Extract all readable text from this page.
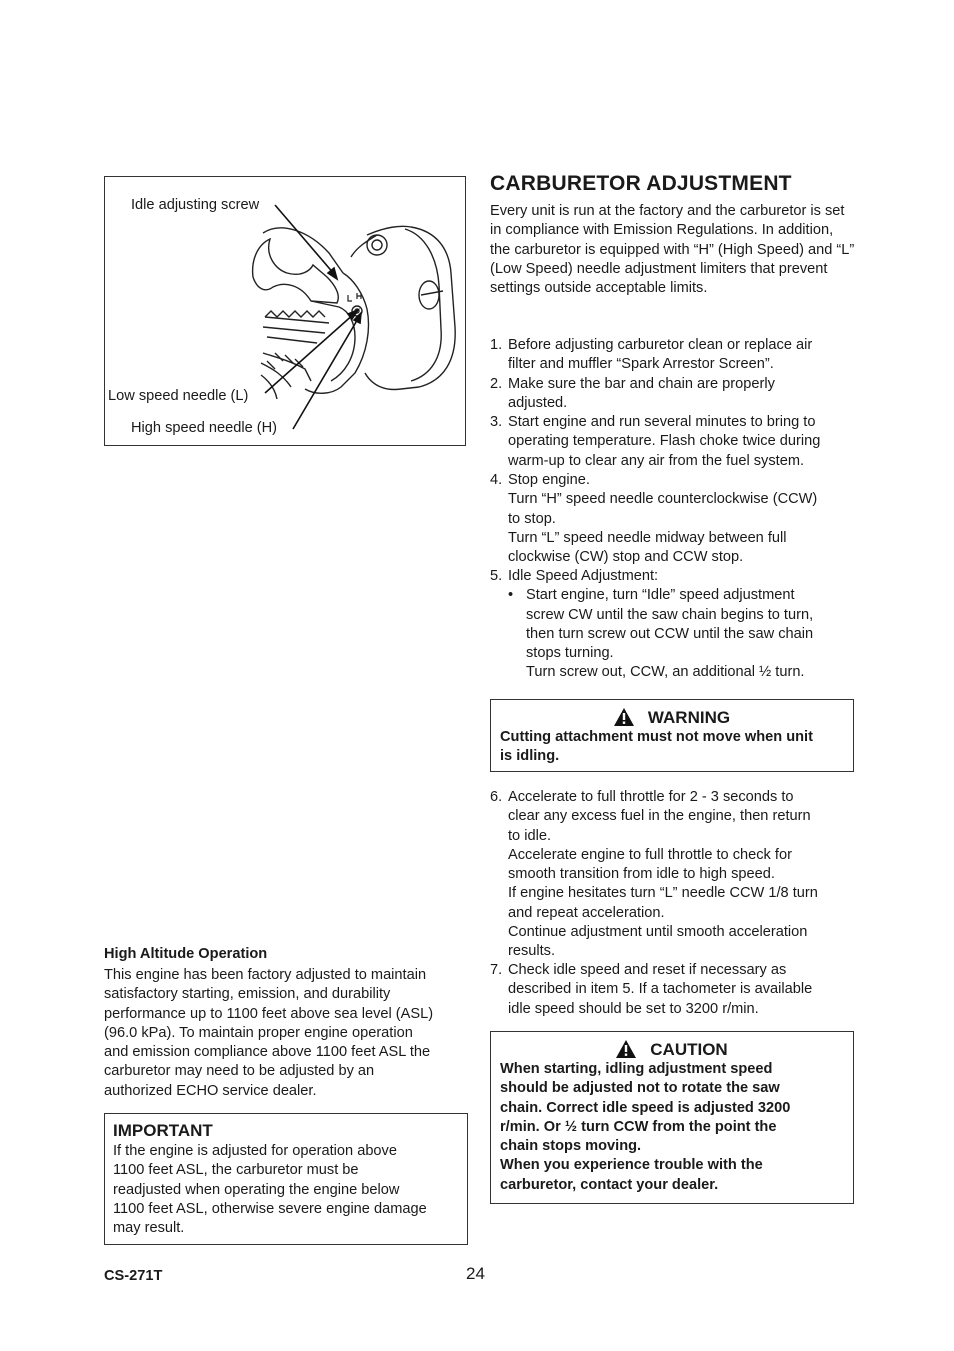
Idle adjusting screw
Low speed needle (L)
High speed needle (H)
CARBURETOR ADJUSTMENT
Every unit is run at the factory and the carburetor is set in compliance with Emission Regulations. In addition, the carburetor is equipped with “H” (High Speed) and “L” (Low Speed) needle adjustment limiters that prevent settings outside acceptable limits.
1. Before adjusting carburetor clean or replace air
filter and muffler “Spark Arrestor Screen”.
2. Make sure the bar and chain are properly
adjusted.
3. Start engine and run several minutes to bring to
operating temperature. Flash choke twice during
warm-up to clear any air from the fuel system.
4. Stop engine.
Turn “H” speed needle counterclockwise (CCW)
to stop.
Turn “L” speed needle midway between full
clockwise (CW) stop and CCW stop.
5. Idle Speed Adjustment:
• Start engine, turn “Idle” speed adjustment
screw CW until the saw chain begins to turn,
then turn screw out CCW until the saw chain
stops turning.
Turn screw out, CCW, an additional ½ turn.
WARNING
Cutting attachment must not move when unit
is idling.
6. Accelerate to full throttle for 2 - 3 seconds to
clear any excess fuel in the engine, then return
to idle.
Accelerate engine to full throttle to check for
smooth transition from idle to high speed.
If engine hesitates turn “L” needle CCW 1/8 turn
and repeat acceleration.
Continue adjustment until smooth acceleration
results.
7. Check idle speed and reset if necessary as
described in item 5. If a tachometer is available
idle speed should be set to 3200 r/min.
CAUTION
When starting, idling adjustment speed
should be adjusted not to rotate the saw
chain. Correct idle speed is adjusted 3200
r/min. Or ½ turn CCW from the point the
chain stops moving.
When you experience trouble with the
carburetor, contact your dealer.
High Altitude Operation
This engine has been factory adjusted to maintain
satisfactory starting, emission, and durability
performance up to 1100 feet above sea level (ASL)
(96.0 kPa). To maintain proper engine operation
and emission compliance above 1100 feet ASL the
carburetor may need to be adjusted by an
authorized ECHO service dealer.
IMPORTANT
If the engine is adjusted for operation above
1100 feet ASL, the carburetor must be
readjusted when operating the engine below
1100 feet ASL, otherwise severe engine damage
may result.
CS-271T	24
